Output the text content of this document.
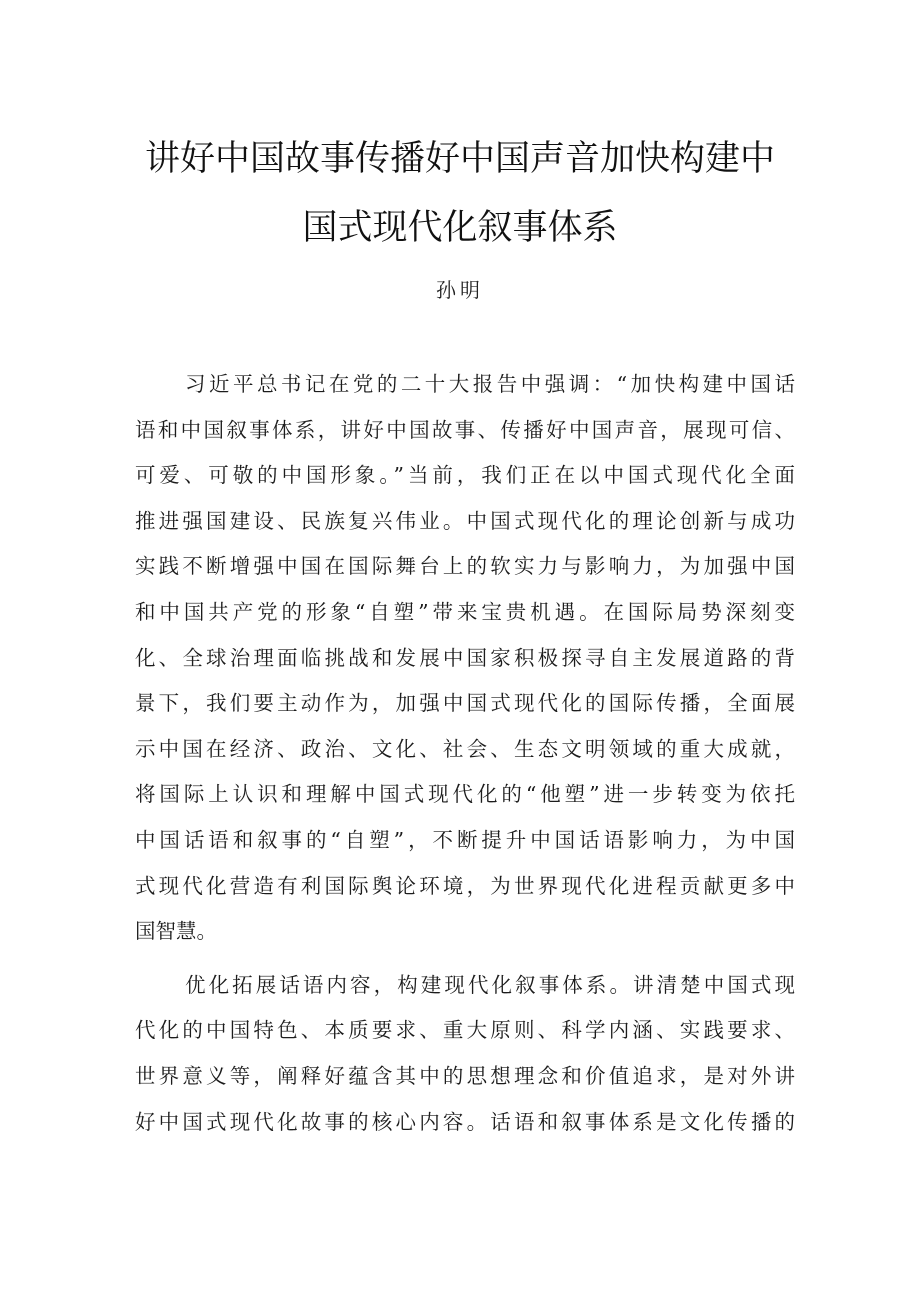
讲好中国故事传播好中国声音加快构建中
国式现代化叙事体系
孙明
习近平总书记在党的二十大报告中强调：“加快构建中国话
语和中国叙事体系，讲好中国故事、传播好中国声音，展现可信、
可爱、可敬的中国形象。”当前，我们正在以中国式现代化全面
推进强国建设、民族复兴伟业。中国式现代化的理论创新与成功
实践不断增强中国在国际舞台上的软实力与影响力，为加强中国
和中国共产党的形象“自塑”带来宝贵机遇。在国际局势深刻变
化、全球治理面临挑战和发展中国家积极探寻自主发展道路的背
景下，我们要主动作为，加强中国式现代化的国际传播，全面展
示中国在经济、政治、文化、社会、生态文明领域的重大成就，
将国际上认识和理解中国式现代化的“他塑”进一步转变为依托
中国话语和叙事的“自塑”，不断提升中国话语影响力，为中国
式现代化营造有利国际舆论环境，为世界现代化进程贡献更多中
国智慧。
优化拓展话语内容，构建现代化叙事体系。讲清楚中国式现
代化的中国特色、本质要求、重大原则、科学内涵、实践要求、
世界意义等，阐释好蕴含其中的思想理念和价值追求，是对外讲
好中国式现代化故事的核心内容。话语和叙事体系是文化传播的
